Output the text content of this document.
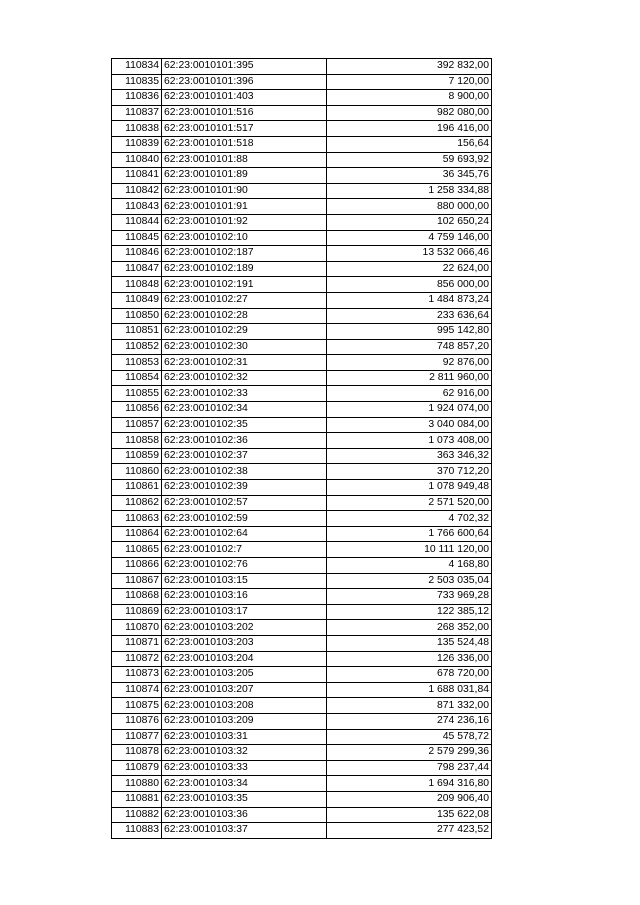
110834	62:23:0010101:395	392 832,00
110835	62:23:0010101:396	7 120,00
110836	62:23:0010101:403	8 900,00
110837	62:23:0010101:516	982 080,00
110838	62:23:0010101:517	196 416,00
110839	62:23:0010101:518	156,64
110840	62:23:0010101:88	59 693,92
110841	62:23:0010101:89	36 345,76
110842	62:23:0010101:90	1 258 334,88
110843	62:23:0010101:91	880 000,00
110844	62:23:0010101:92	102 650,24
110845	62:23:0010102:10	4 759 146,00
110846	62:23:0010102:187	13 532 066,46
110847	62:23:0010102:189	22 624,00
110848	62:23:0010102:191	856 000,00
110849	62:23:0010102:27	1 484 873,24
110850	62:23:0010102:28	233 636,64
110851	62:23:0010102:29	995 142,80
110852	62:23:0010102:30	748 857,20
110853	62:23:0010102:31	92 876,00
110854	62:23:0010102:32	2 811 960,00
110855	62:23:0010102:33	62 916,00
110856	62:23:0010102:34	1 924 074,00
110857	62:23:0010102:35	3 040 084,00
110858	62:23:0010102:36	1 073 408,00
110859	62:23:0010102:37	363 346,32
110860	62:23:0010102:38	370 712,20
110861	62:23:0010102:39	1 078 949,48
110862	62:23:0010102:57	2 571 520,00
110863	62:23:0010102:59	4 702,32
110864	62:23:0010102:64	1 766 600,64
110865	62:23:0010102:7	10 111 120,00
110866	62:23:0010102:76	4 168,80
110867	62:23:0010103:15	2 503 035,04
110868	62:23:0010103:16	733 969,28
110869	62:23:0010103:17	122 385,12
110870	62:23:0010103:202	268 352,00
110871	62:23:0010103:203	135 524,48
110872	62:23:0010103:204	126 336,00
110873	62:23:0010103:205	678 720,00
110874	62:23:0010103:207	1 688 031,84
110875	62:23:0010103:208	871 332,00
110876	62:23:0010103:209	274 236,16
110877	62:23:0010103:31	45 578,72
110878	62:23:0010103:32	2 579 299,36
110879	62:23:0010103:33	798 237,44
110880	62:23:0010103:34	1 694 316,80
110881	62:23:0010103:35	209 906,40
110882	62:23:0010103:36	135 622,08
110883	62:23:0010103:37	277 423,52
